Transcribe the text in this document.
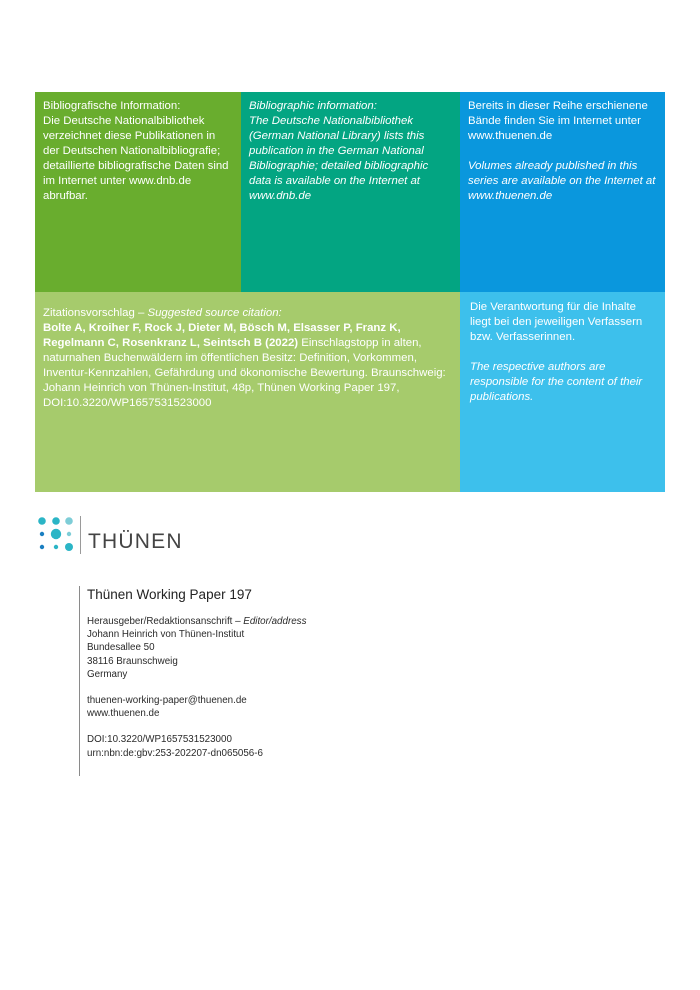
Bibliografische Information:

Die Deutsche Nationalbibliothek verzeichnet diese Publikationen in der Deutschen Nationalbibliografie; detaillierte bibliografische Daten sind im Internet unter www.dnb.de abrufbar.

Bibliographic information:

The Deutsche Nationalbibliothek (German National Library) lists this publication in the German National Bibliographie; detailed bibliographic data is available on the Internet at www.dnb.de

Bereits in dieser Reihe erschienene Bände finden Sie im Internet unter www.thuenen.de

Volumes already published in this series are available on the Internet at www.thuenen.de

Zitationsvorschlag – Suggested source citation:

Bolte A, Kroiher F, Rock J, Dieter M, Bösch M, Elsasser P, Franz K, Regelmann C, Rosenkranz L, Seintsch B (2022) Einschlagstopp in alten, naturnahen Buchenwäldern im öffentlichen Besitz: Definition, Vorkommen, Inventur-Kennzahlen, Gefährdung und ökonomische Bewertung. Braunschweig: Johann Heinrich von Thünen-Institut, 48p, Thünen Working Paper 197, DOI:10.3220/WP1657531523000

Die Verantwortung für die Inhalte liegt bei den jeweiligen Verfassern bzw. Verfasserinnen.

The respective authors are responsible for the content of their publications.

THÜNEN
Thünen Working Paper 197
Herausgeber/Redaktionsanschrift – Editor/address
Johann Heinrich von Thünen-Institut
Bundesallee 50
38116 Braunschweig
Germany
thuenen-working-paper@thuenen.de
www.thuenen.de
DOI:10.3220/WP1657531523000
urn:nbn:de:gbv:253-202207-dn065056-6
